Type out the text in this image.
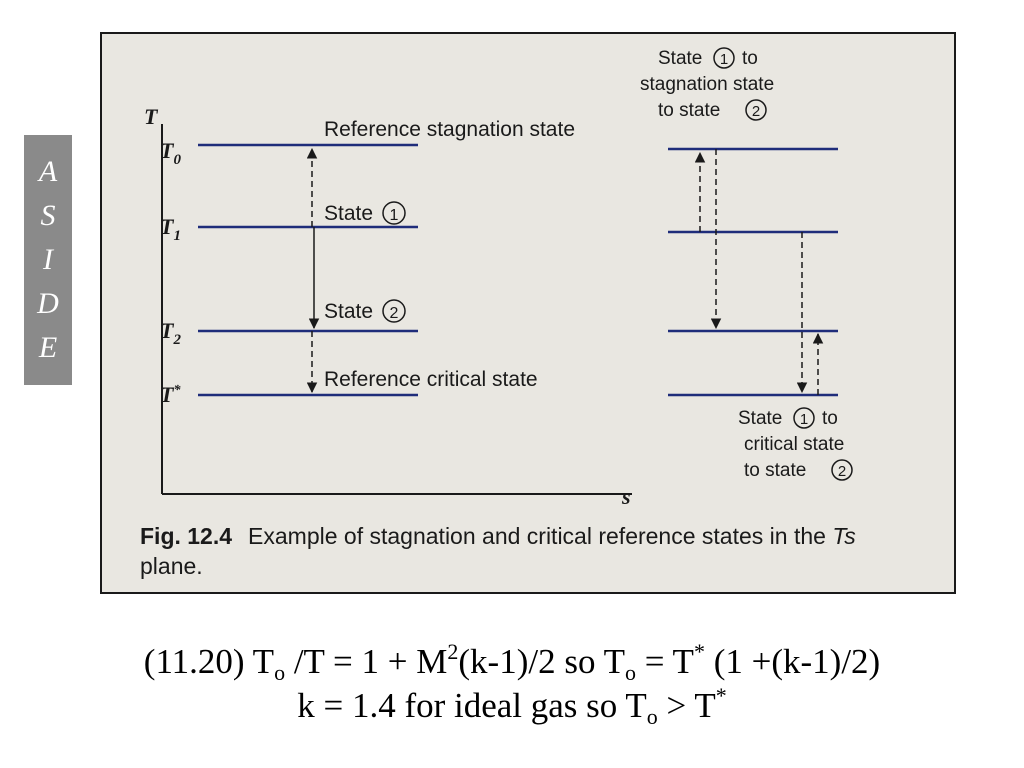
A
S
I
D
E
T
s
$T_0$
$T_1$
$T_2$
T*
Reference stagnation state
State 1
State 2
Reference critical state
State 1 to
stagnation state
to state 2
State 1 to
critical state
to state 2
Fig. 12.4 Example of stagnation and critical reference states in the Ts plane.
(11.20) $T_o$ $/T = 1 + M^2(k-1)/2$ so $T_o = T^*$ (1 +(k-1)/2)
k = 1.4 for ideal gas so $T_o > T^*$
